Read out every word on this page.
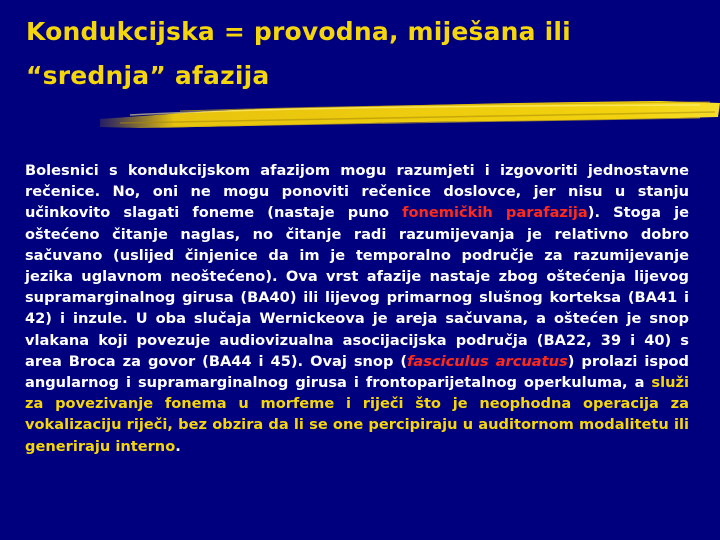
Kondukcijska = provodna, miješana ili
“srednja” afazija

Bolesnici s kondukcijskom afazijom mogu razumjeti i izgovoriti jednostavne rečenice. No, oni ne mogu ponoviti rečenice doslovce, jer nisu u stanju učinkovito slagati foneme (nastaje puno fonemičkih parafazija). Stoga je oštećeno čitanje naglas, no čitanje radi razumijevanja je relativno dobro sačuvano (uslijed činjenice da im je temporalno područje za razumijevanje jezika uglavnom neoštećeno). Ova vrst afazije nastaje zbog oštećenja lijevog supramarginalnog girusa (BA40) ili lijevog primarnog slušnog korteksa (BA41 i 42) i inzule. U oba slučaja Wernickeova je areja sačuvana, a oštećen je snop vlakana koji povezuje audiovizualna asocijacijska područja (BA22, 39 i 40) s area Broca za govor (BA44 i 45). Ovaj snop (fasciculus arcuatus) prolazi ispod angularnog i supramarginalnog girusa i frontoparijetalnog operkuluma, a služi za povezivanje fonema u morfeme i riječi što je neophodna operacija za vokalizaciju riječi, bez obzira da li se one percipiraju u auditornom modalitetu ili generiraju interno.
